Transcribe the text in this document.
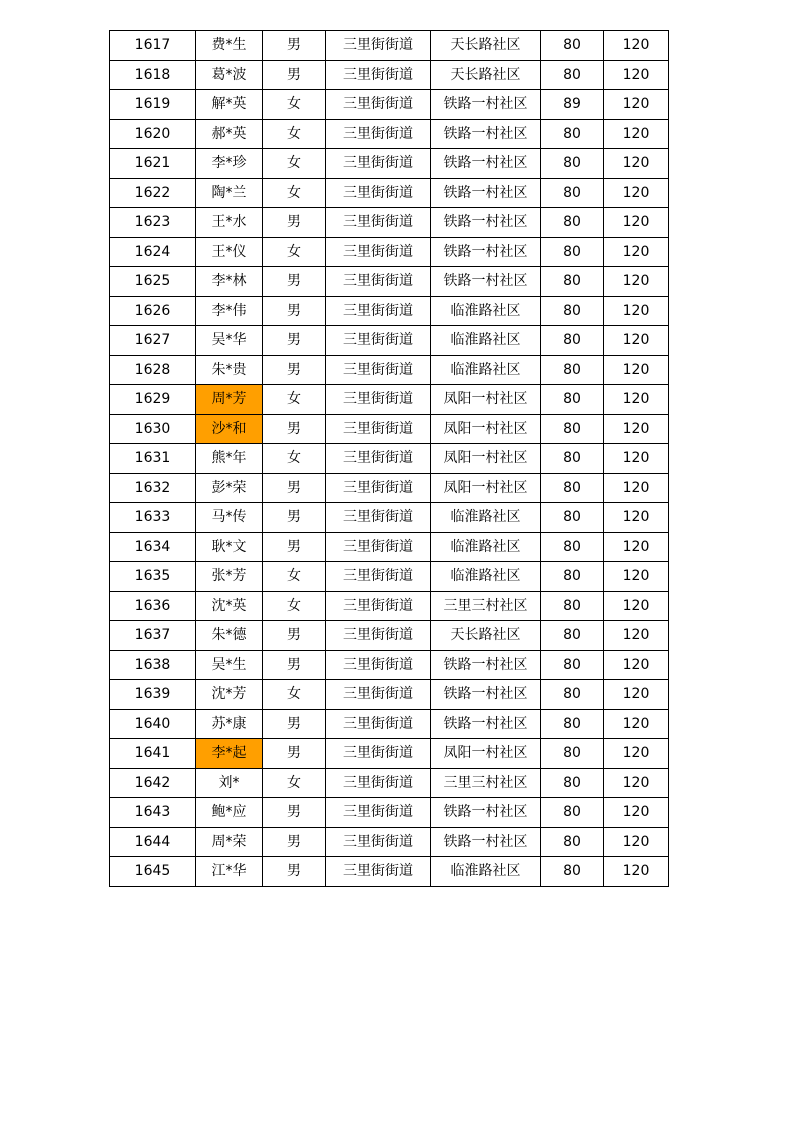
1617	费*生	男	三里街街道	天长路社区	80	120
1618	葛*波	男	三里街街道	天长路社区	80	120
1619	解*英	女	三里街街道	铁路一村社区	89	120
1620	郝*英	女	三里街街道	铁路一村社区	80	120
1621	李*珍	女	三里街街道	铁路一村社区	80	120
1622	陶*兰	女	三里街街道	铁路一村社区	80	120
1623	王*水	男	三里街街道	铁路一村社区	80	120
1624	王*仪	女	三里街街道	铁路一村社区	80	120
1625	李*林	男	三里街街道	铁路一村社区	80	120
1626	李*伟	男	三里街街道	临淮路社区	80	120
1627	吴*华	男	三里街街道	临淮路社区	80	120
1628	朱*贵	男	三里街街道	临淮路社区	80	120
1629	周*芳	女	三里街街道	凤阳一村社区	80	120
1630	沙*和	男	三里街街道	凤阳一村社区	80	120
1631	熊*年	女	三里街街道	凤阳一村社区	80	120
1632	彭*荣	男	三里街街道	凤阳一村社区	80	120
1633	马*传	男	三里街街道	临淮路社区	80	120
1634	耿*文	男	三里街街道	临淮路社区	80	120
1635	张*芳	女	三里街街道	临淮路社区	80	120
1636	沈*英	女	三里街街道	三里三村社区	80	120
1637	朱*德	男	三里街街道	天长路社区	80	120
1638	吴*生	男	三里街街道	铁路一村社区	80	120
1639	沈*芳	女	三里街街道	铁路一村社区	80	120
1640	苏*康	男	三里街街道	铁路一村社区	80	120
1641	李*起	男	三里街街道	凤阳一村社区	80	120
1642	刘*	女	三里街街道	三里三村社区	80	120
1643	鲍*应	男	三里街街道	铁路一村社区	80	120
1644	周*荣	男	三里街街道	铁路一村社区	80	120
1645	江*华	男	三里街街道	临淮路社区	80	120
